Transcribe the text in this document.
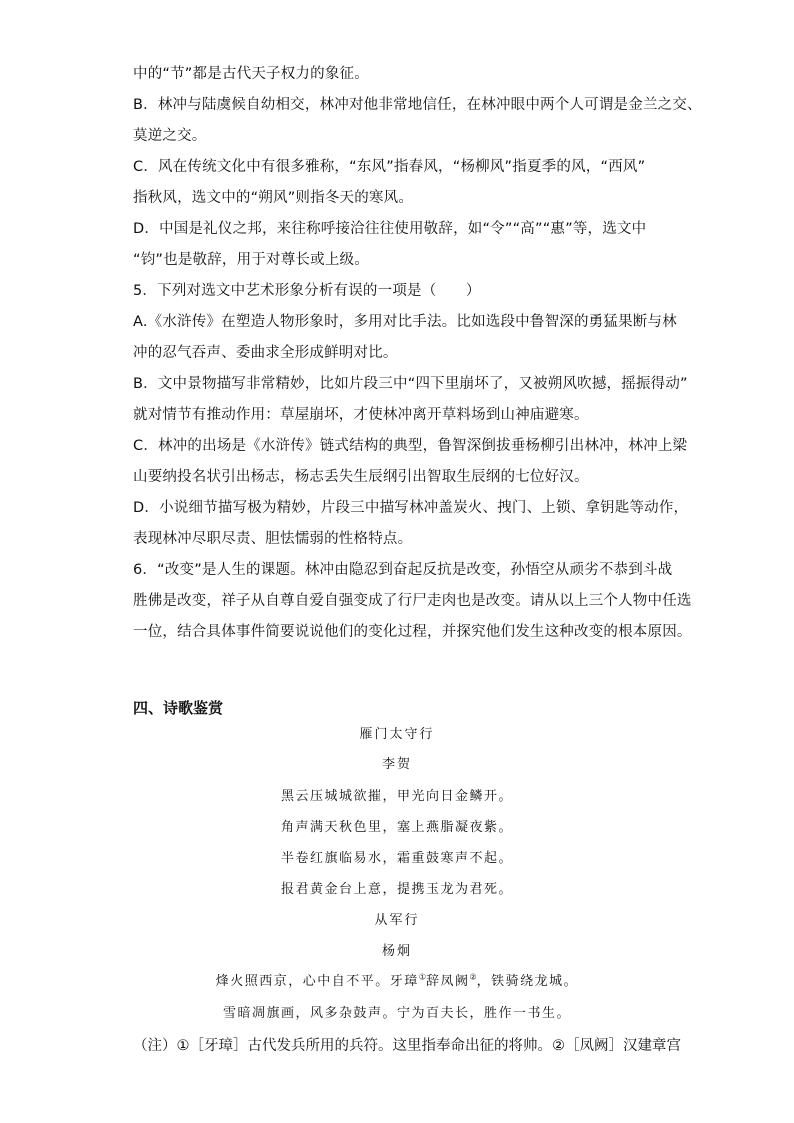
中的“节”都是古代天子权力的象征。
B．林冲与陆虞候自幼相交，林冲对他非常地信任，在林冲眼中两个人可谓是金兰之交、
莫逆之交。
C．风在传统文化中有很多雅称，“东风”指春风，“杨柳风”指夏季的风，“西风”
指秋风，选文中的“朔风”则指冬天的寒风。
D．中国是礼仪之邦，来往称呼接洽往往使用敬辞，如“令”“高”“惠”等，选文中
“钧”也是敬辞，用于对尊长或上级。
5．下列对选文中艺术形象分析有误的一项是（　　）
A.《水浒传》在塑造人物形象时，多用对比手法。比如选段中鲁智深的勇猛果断与林
冲的忍气吞声、委曲求全形成鲜明对比。
B．文中景物描写非常精妙，比如片段三中“四下里崩坏了，又被朔风吹撼，摇振得动”
就对情节有推动作用：草屋崩坏，才使林冲离开草料场到山神庙避寒。
C．林冲的出场是《水浒传》链式结构的典型，鲁智深倒拔垂杨柳引出林冲，林冲上梁
山要纳投名状引出杨志，杨志丢失生辰纲引出智取生辰纲的七位好汉。
D．小说细节描写极为精妙，片段三中描写林冲盖炭火、拽门、上锁、拿钥匙等动作，
表现林冲尽职尽责、胆怯懦弱的性格特点。
6．“改变”是人生的课题。林冲由隐忍到奋起反抗是改变，孙悟空从顽劣不恭到斗战
胜佛是改变，祥子从自尊自爱自强变成了行尸走肉也是改变。请从以上三个人物中任选
一位，结合具体事件简要说说他们的变化过程，并探究他们发生这种改变的根本原因。
四、诗歌鉴赏
雁门太守行
李贺
黑云压城城欲摧，甲光向日金鳞开。
角声满天秋色里，塞上燕脂凝夜紫。
半卷红旗临易水，霜重鼓寒声不起。
报君黄金台上意，提携玉龙为君死。
从军行
杨炯
烽火照西京，心中自不平。牙璋①辞凤阙②，铁骑绕龙城。
雪暗凋旗画，风多杂鼓声。宁为百夫长，胜作一书生。
（注）①［牙璋］古代发兵所用的兵符。这里指奉命出征的将帅。②［凤阙］汉建章宫
